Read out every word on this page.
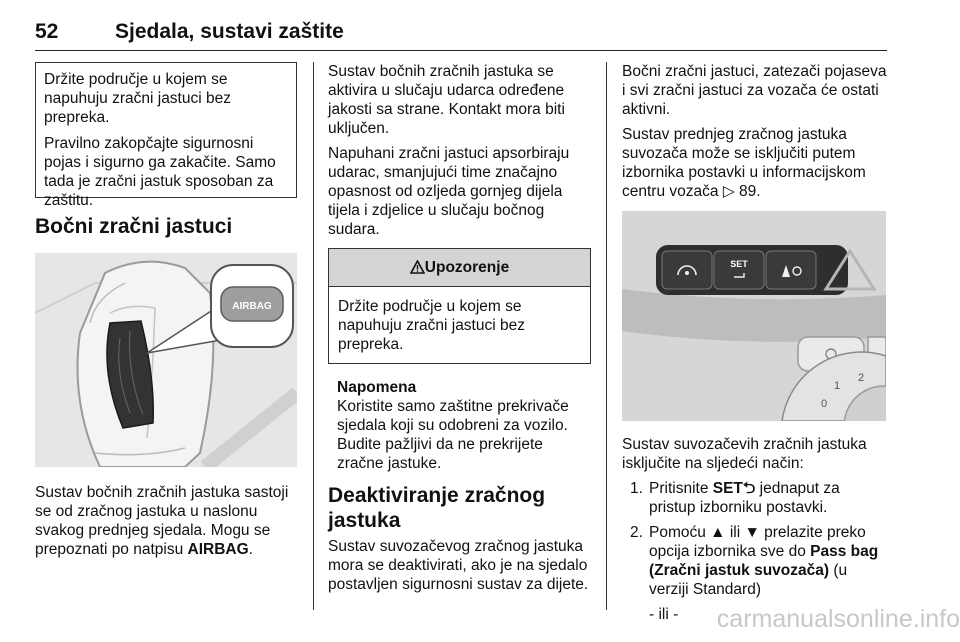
52	Sjedala, sustavi zaštite

Držite područje u kojem se napuhuju zračni jastuci bez prepreka.

Pravilno zakopčajte sigurnosni pojas i sigurno ga zakačite. Samo tada je zračni jastuk sposoban za zaštitu.

Bočni zračni jastuci
AIRBAG

Sustav bočnih zračnih jastuka sastoji se od zračnog jastuka u naslonu svakog prednjeg sjedala. Mogu se prepoznati po natpisu AIRBAG.

Sustav bočnih zračnih jastuka se aktivira u slučaju udarca određene jakosti sa strane. Kontakt mora biti uključen.

Napuhani zračni jastuci apsorbiraju udarac, smanjujući time značajno opasnost od ozljeda gornjeg dijela tijela i zdjelice u slučaju bočnog sudara.

Upozorenje
Držite područje u kojem se napuhuju zračni jastuci bez prepreka.
Napomena
Koristite samo zaštitne prekrivače sjedala koji su odobreni za vozilo. Budite pažljivi da ne prekrijete zračne jastuke.
Deaktiviranje zračnog jastuka

Sustav suvozačevog zračnog jastuka mora se deaktivirati, ako je na sjedalo postavljen sigurnosni sustav za dijete.

Bočni zračni jastuci, zatezači pojaseva i svi zračni jastuci za vozača će ostati aktivni.

Sustav prednjeg zračnog jastuka suvozača može se isključiti putem izbornika postavki u informacijskom centru vozača ▷ 89.

SET
0
1
2

Sustav suvozačevih zračnih jastuka isključite na sljedeći način:

1. Pritisnite SET⮌ jednaput za pristup izborniku postavki.
2. Pomoću ▲ ili ▼ prelazite preko opcija izbornika sve do Pass bag (Zračni jastuk suvozača) (u verziji Standard)
- ili -	carmanualsonline.info
